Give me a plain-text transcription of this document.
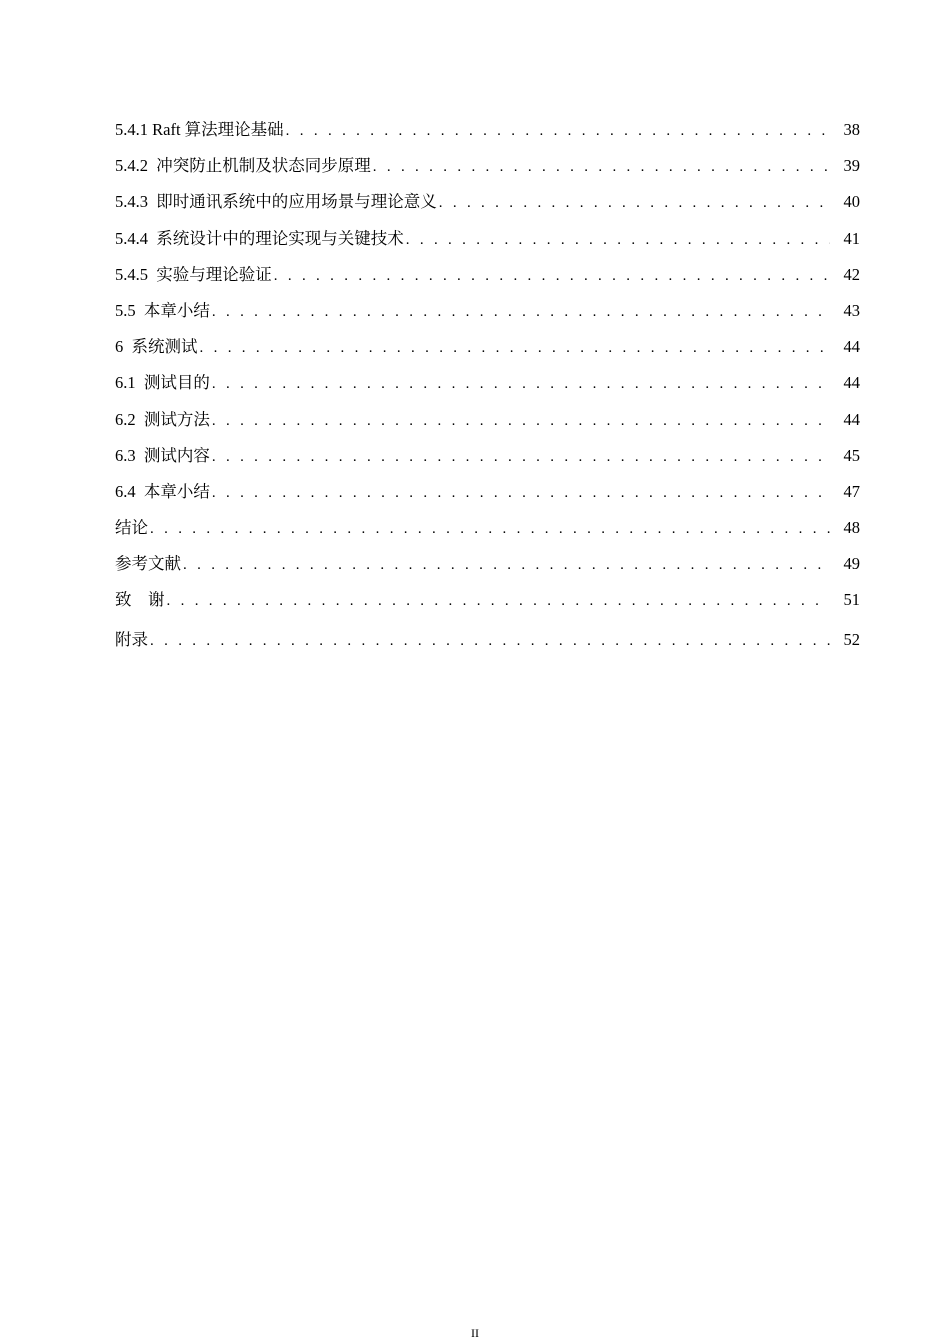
5.4.1 Raft 算法理论基础 . . .	38
5.4.2 冲突防止机制及状态同步原理 . . .	39
5.4.3 即时通讯系统中的应用场景与理论意义 . . .	40
5.4.4 系统设计中的理论实现与关键技术 . . .	41
5.4.5 实验与理论验证 . . .	42
5.5 本章小结 . . .	43
6 系统测试 . . .	44
6.1 测试目的 . . .	44
6.2 测试方法 . . .	44
6.3 测试内容 . . .	45
6.4 本章小结 . . .	47
结论 . . .	48
参考文献 . . .	49
致　谢 . . .	51
附录 . . .	52
II
